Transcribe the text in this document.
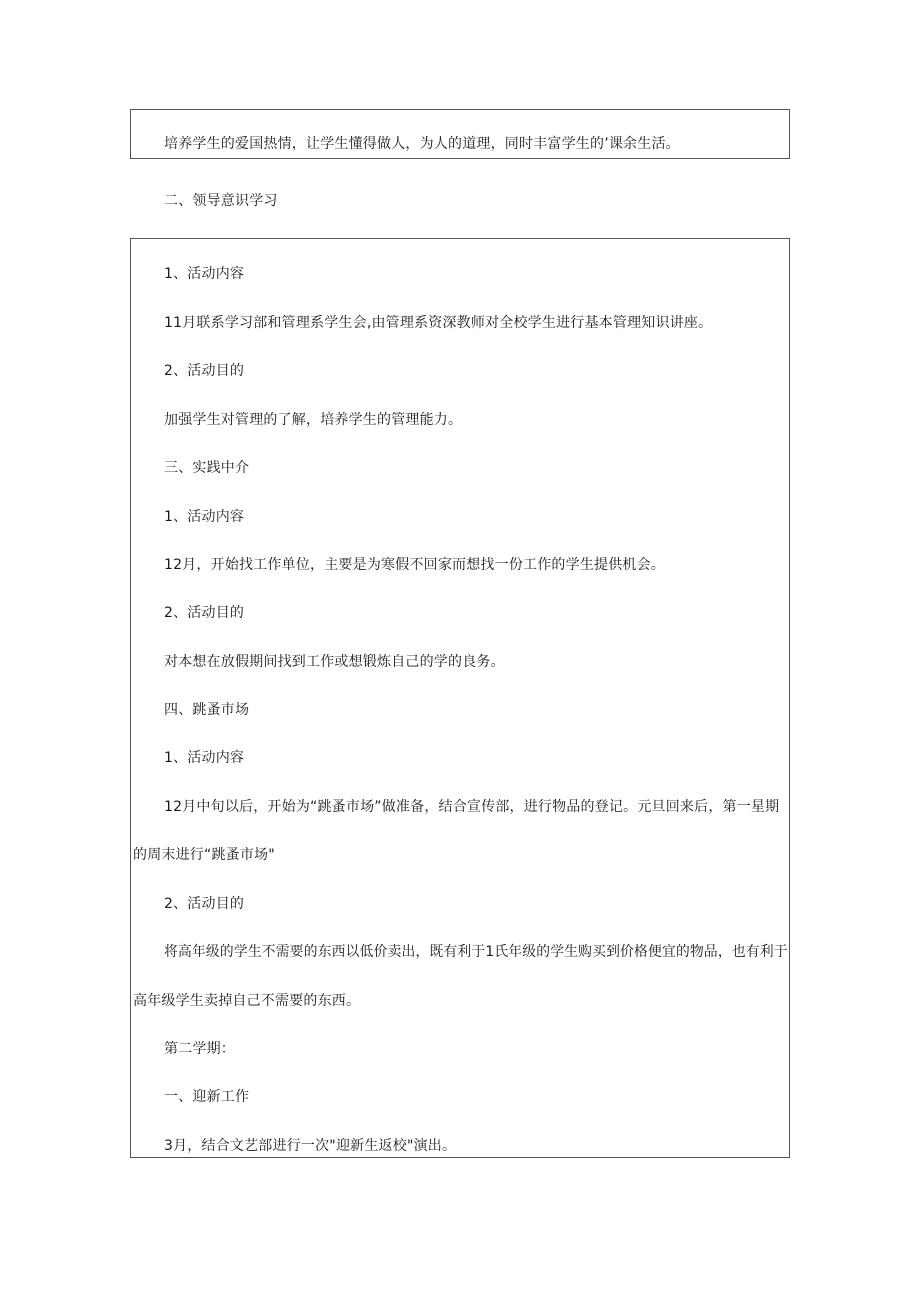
培养学生的爱国热情，让学生懂得做人，为人的道理，同时丰富学生的’课余生活。
二、领导意识学习
1、活动内容
11月联系学习部和管理系学生会,由管理系资深教师对全校学生进行基本管理知识讲座。
2、活动目的
加强学生对管理的了解，培养学生的管理能力。
三、实践中介
1、活动内容
12月，开始找工作单位，主要是为寒假不回家而想找一份工作的学生提供机会。
2、活动目的
对本想在放假期间找到工作或想锻炼自己的学的良务。
四、跳蚤市场
1、活动内容
12月中旬以后，开始为“跳蚤市场”做准备，结合宣传部，进行物品的登记。元旦回来后，第一星期
的周末进行“跳蚤市场"
2、活动目的
将高年级的学生不需要的东西以低价卖出，既有利于1氏年级的学生购买到价格便宜的物品，也有利于
高年级学生卖掉自己不需要的东西。
第二学期：
一、迎新工作
3月，结合文艺部进行一次"迎新生返校"演出。
